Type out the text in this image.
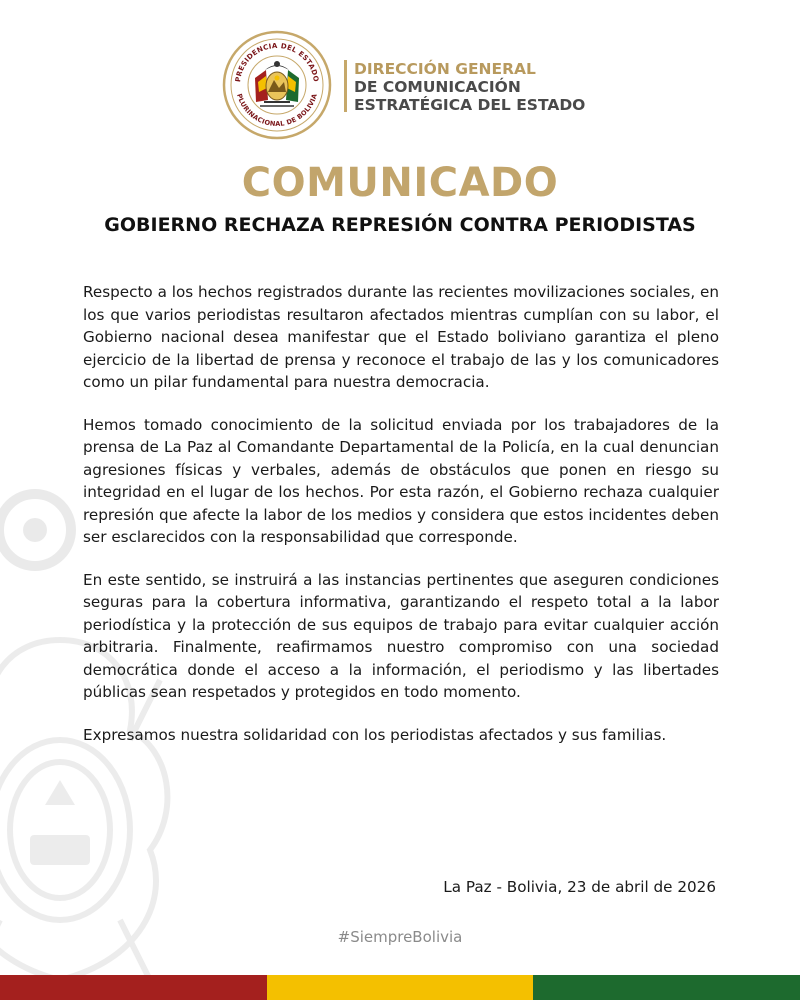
PRESIDENCIA DEL ESTADO
PLURINACIONAL DE BOLIVIA
DIRECCIÓN GENERAL
DE COMUNICACIÓN
ESTRATÉGICA DEL ESTADO
COMUNICADO
GOBIERNO RECHAZA REPRESIÓN CONTRA PERIODISTAS

Respecto a los hechos registrados durante las recientes movilizaciones sociales, en los que varios periodistas resultaron afectados mientras cumplían con su labor, el Gobierno nacional desea manifestar que el Estado boliviano garantiza el pleno ejercicio de la libertad de prensa y reconoce el trabajo de las y los comunicadores como un pilar fundamental para nuestra democracia.

Hemos tomado conocimiento de la solicitud enviada por los trabajadores de la prensa de La Paz al Comandante Departamental de la Policía, en la cual denuncian agresiones físicas y verbales, además de obstáculos que ponen en riesgo su integridad en el lugar de los hechos. Por esta razón, el Gobierno rechaza cualquier represión que afecte la labor de los medios y considera que estos incidentes deben ser esclarecidos con la responsabilidad que corresponde.

En este sentido, se instruirá a las instancias pertinentes que aseguren condiciones seguras para la cobertura informativa, garantizando el respeto total a la labor periodística y la protección de sus equipos de trabajo para evitar cualquier acción arbitraria. Finalmente, reafirmamos nuestro compromiso con una sociedad democrática donde el acceso a la información, el periodismo y las libertades públicas sean respetados y protegidos en todo momento.

Expresamos nuestra solidaridad con los periodistas afectados y sus familias.

La Paz - Bolivia, 23 de abril de 2026
#SiempreBolivia
